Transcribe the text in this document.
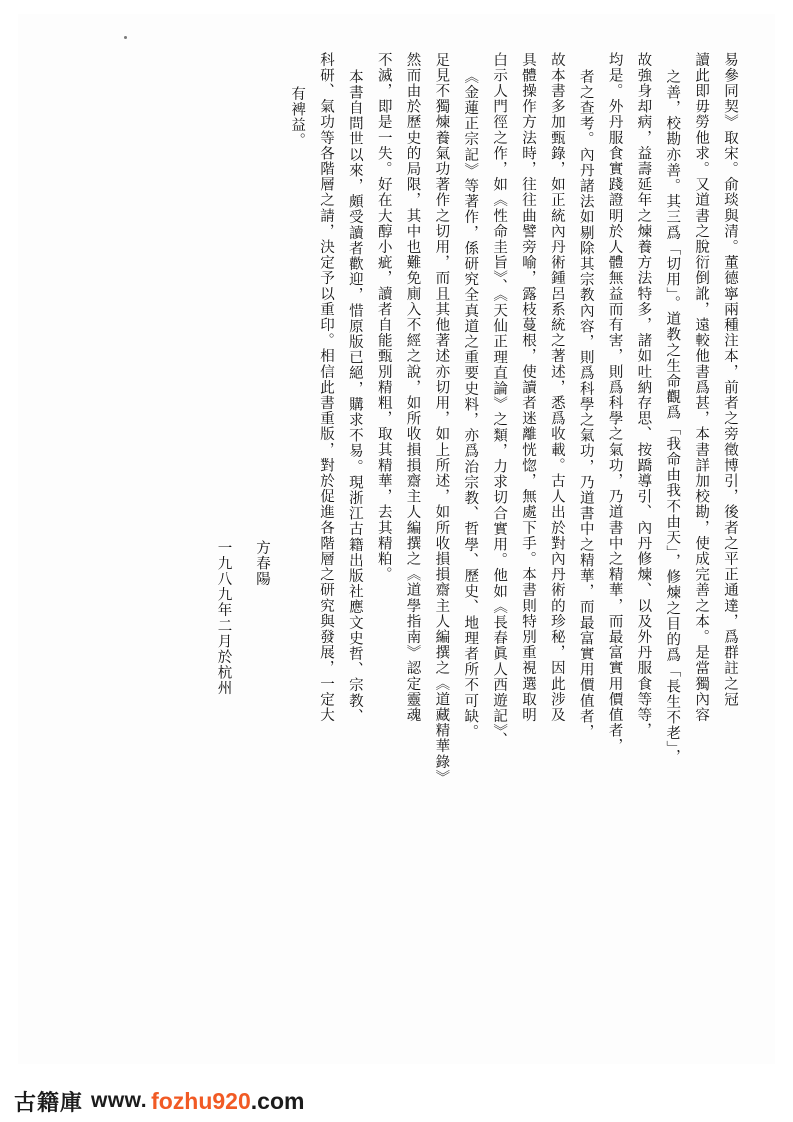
易參同契》取宋。俞琰與清。董德寧兩種注本，前者之旁徵博引，後者之平正通達，爲群註之冠
讀此即毋勞他求。又道書之脫衍倒訛，遠較他書爲甚，本書詳加校勘，使成完善之本。是當獨內容
之善，校勘亦善。其三爲「切用」。道教之生命觀爲「我命由我不由天」，修煉之目的爲「長生不老」，
故強身却病，益壽延年之煉養方法特多，諸如吐納存思、按蹻導引、內丹修煉、以及外丹服食等等，
均是。外丹服食實踐證明於人體無益而有害，則爲科學之氣功，乃道書中之精華，而最富實用價值者，
者之查考。內丹諸法如剔除其宗教內容，則爲科學之氣功，乃道書中之精華，而最富實用價值者，
故本書多加甄錄，如正統內丹術鍾呂系統之著述，悉爲收載。古人出於對內丹術的珍秘，因此涉及
具體操作方法時，往往曲譬旁喻，露枝蔓根，使讀者迷離恍惚，無處下手。本書則特別重視選取明
白示人門徑之作，如《性命圭旨》、《天仙正理直論》之類，力求切合實用。他如《長春眞人西遊記》、
《金蓮正宗記》等著作，係研究全真道之重要史料，亦爲治宗教、哲學、歷史、地理者所不可缺。
足見不獨煉養氣功著作之切用，而且其他著述亦切用，如上所述，如所收損損齋主人編撰之《道藏精華錄》
然而由於歷史的局限，其中也難免廁入不經之說，如所收損損齋主人編撰之《道學指南》認定靈魂
不滅，即是一失。好在大醇小疵，讀者自能甄別精粗，取其精華，去其精粕。
本書自問世以來，頗受讀者歡迎，惜原版已絕，購求不易。現浙江古籍出版社應文史哲、宗教、
科研、氣功等各階層之請，決定予以重印。相信此書重版，對於促進各階層之研究與發展，一定大
有裨益。
方春陽
一九八九年二月於杭州
古籍庫 www. fozhu920.com
